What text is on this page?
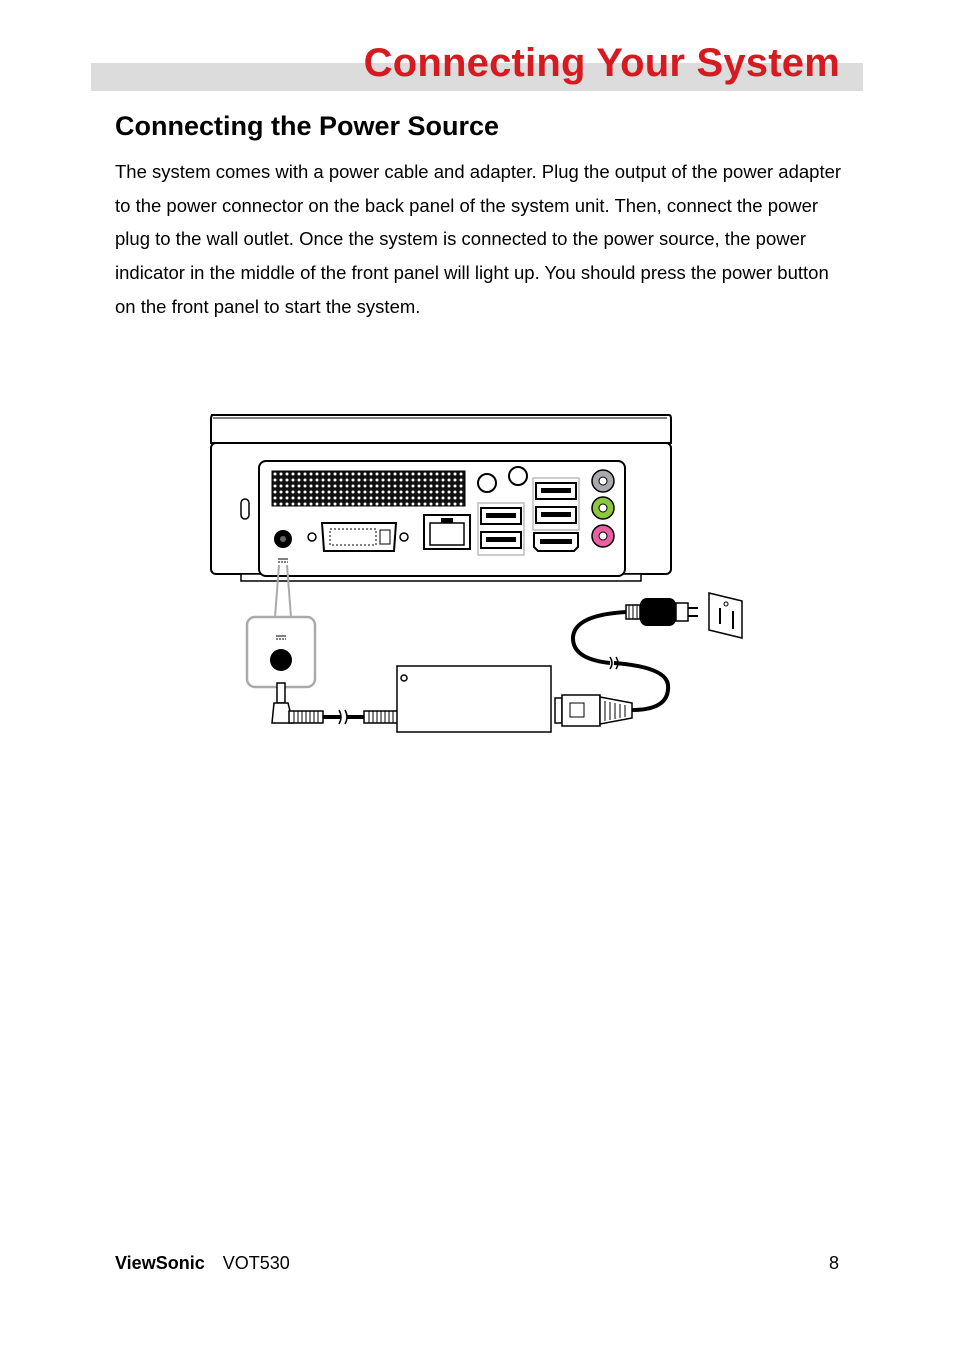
Connecting Your System
Connecting the Power Source

The system comes with a power cable and adapter. Plug the output of the power adapter to the power connector on the back panel of the system unit. Then, connect the power plug to the wall outlet. Once the system is connected to the power source, the power indicator in the middle of the front panel will light up. You should press the power button on the front panel to start the system.

ViewSonic VOT530	8
